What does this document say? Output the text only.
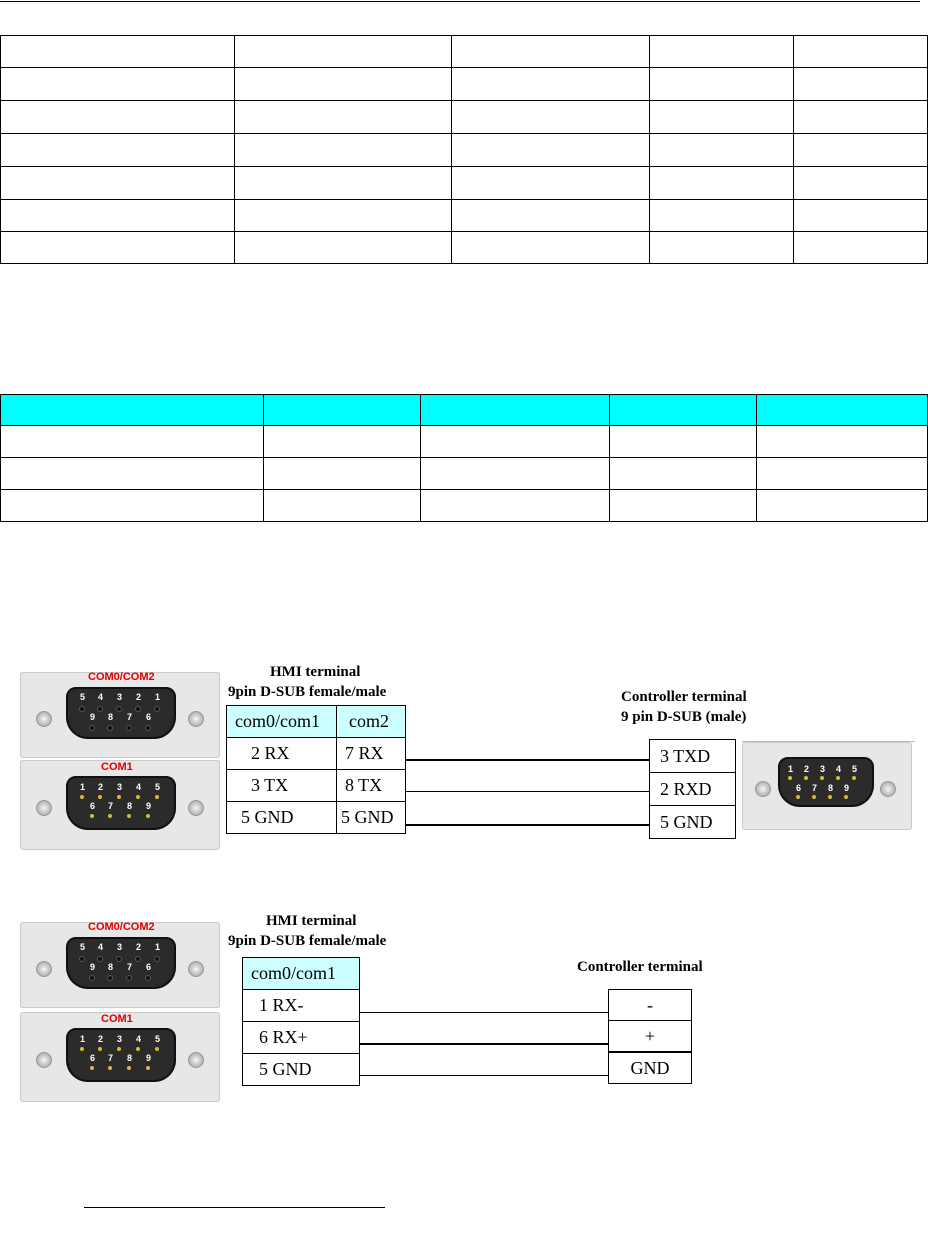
COM0/COM2
5 4 3 2 1
9 8 7 6
COM1
1 2 3 4 5
6 7 8 9
HMI terminal
9pin D-SUB female/male
com0/com1	com2
2 RX	7 RX
3 TX	8 TX
5 GND	5 GND
Controller terminal
9 pin D-SUB (male)
3 TXD
2 RXD
5 GND
1 2 3 4 5
6 7 8 9
COM0/COM2
5 4 3 2 1
9 8 7 6
COM1
1 2 3 4 5
6 7 8 9
HMI terminal
9pin D-SUB female/male
com0/com1
1 RX-
6 RX+
5 GND
Controller terminal
-
+
GND
